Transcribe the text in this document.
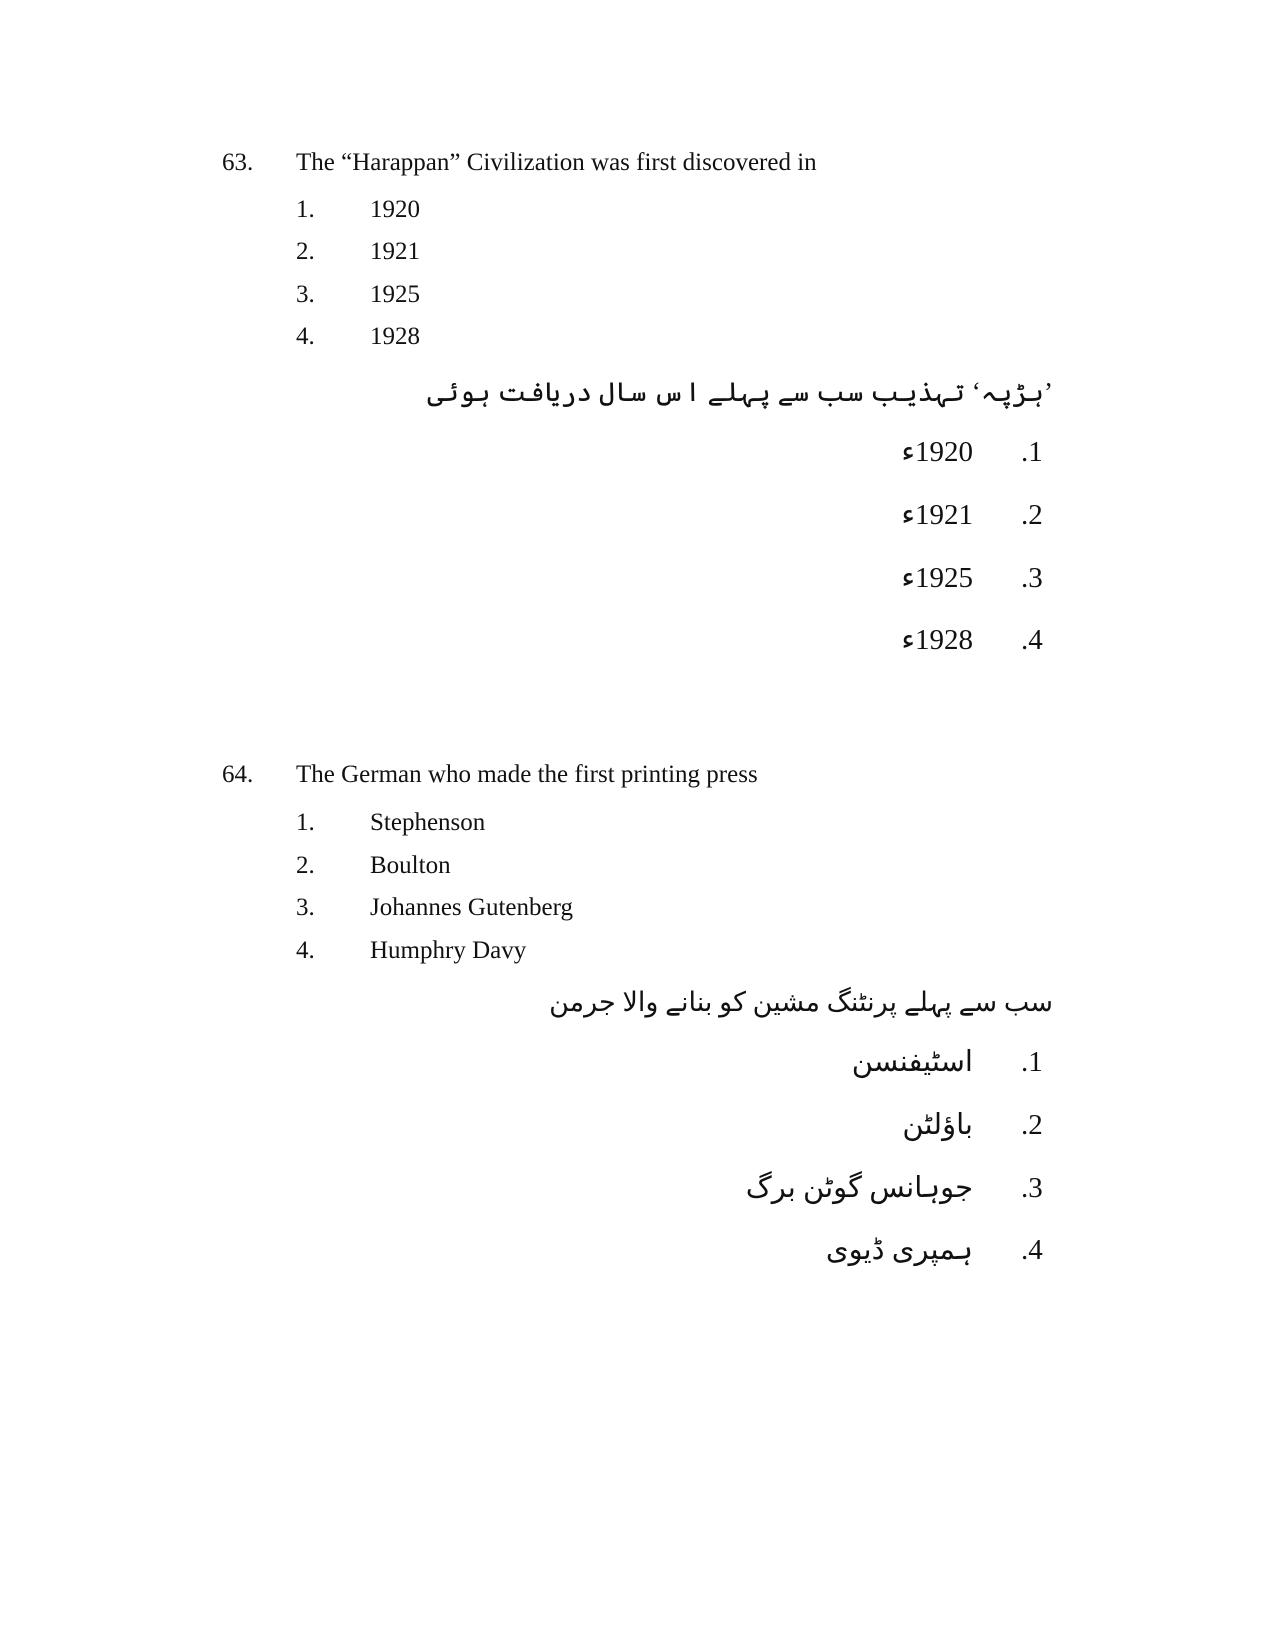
63. The “Harappan” Civilization was first discovered in
1. 1920
2. 1921
3. 1925
4. 1928
’ہڑپہ‘ تہذیب سب سے پہلے اس سال دریافت ہوئی
1920ء .1
1921ء .2
1925ء .3
1928ء .4
64. The German who made the first printing press
1. Stephenson
2. Boulton
3. Johannes Gutenberg
4. Humphry Davy
سب سے پہلے پرنٹنگ مشین کو بنانے والا جرمن
اسٹیفنسن .1
باؤلٹن .2
جوہانس گوٹن برگ .3
ہمپری ڈیوی .4
